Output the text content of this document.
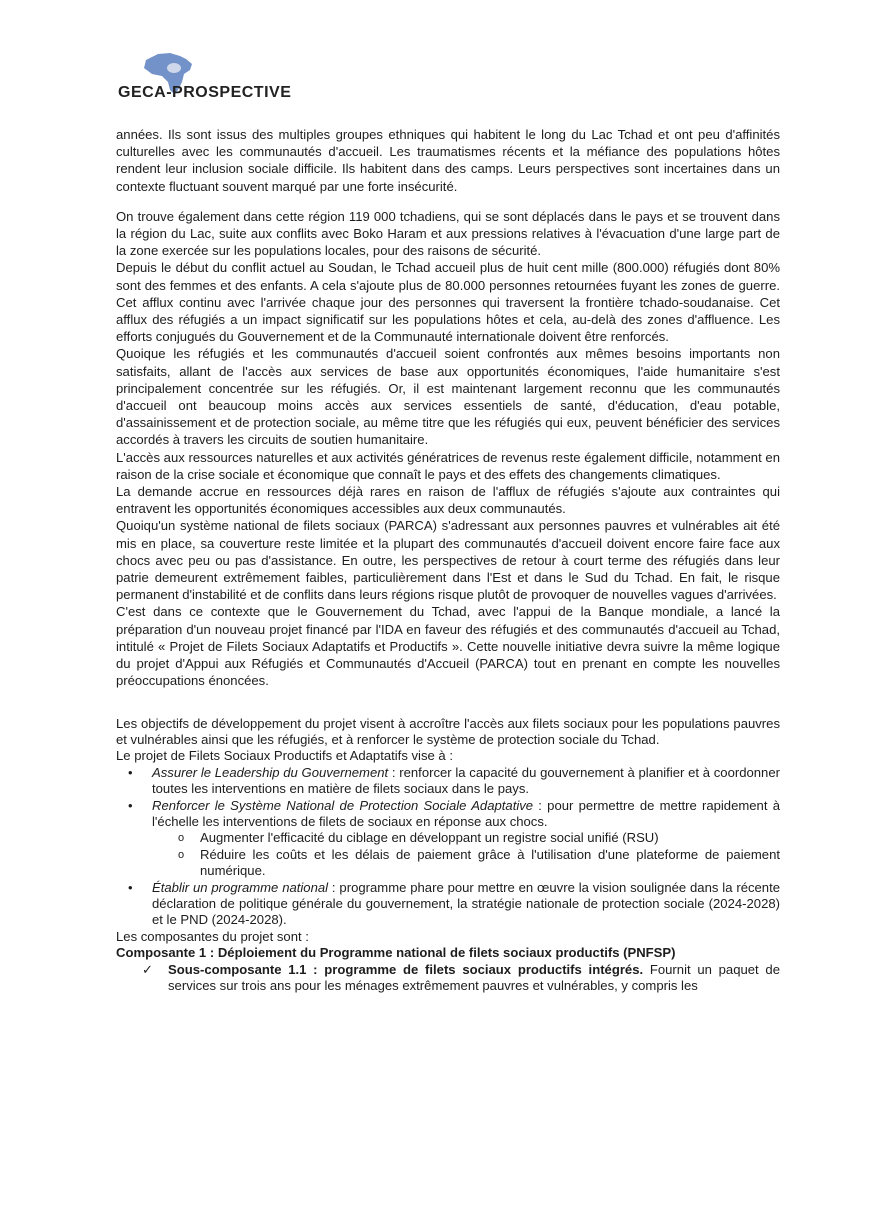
GECA-PROSPECTIVE

années. Ils sont issus des multiples groupes ethniques qui habitent le long du Lac Tchad et ont peu d'affinités culturelles avec les communautés d'accueil. Les traumatismes récents et la méfiance des populations hôtes rendent leur inclusion sociale difficile. Ils habitent dans des camps. Leurs perspectives sont incertaines dans un contexte fluctuant souvent marqué par une forte insécurité.

On trouve également dans cette région 119 000 tchadiens, qui se sont déplacés dans le pays et se trouvent dans la région du Lac, suite aux conflits avec Boko Haram et aux pressions relatives à l'évacuation d'une large part de la zone exercée sur les populations locales, pour des raisons de sécurité.

Depuis le début du conflit actuel au Soudan, le Tchad accueil plus de huit cent mille (800.000) réfugiés dont 80% sont des femmes et des enfants. A cela s'ajoute plus de 80.000 personnes retournées fuyant les zones de guerre. Cet afflux continu avec l'arrivée chaque jour des personnes qui traversent la frontière tchado-soudanaise. Cet afflux des réfugiés a un impact significatif sur les populations hôtes et cela, au-delà des zones d'affluence. Les efforts conjugués du Gouvernement et de la Communauté internationale doivent être renforcés.

Quoique les réfugiés et les communautés d'accueil soient confrontés aux mêmes besoins importants non satisfaits, allant de l'accès aux services de base aux opportunités économiques, l'aide humanitaire s'est principalement concentrée sur les réfugiés. Or, il est maintenant largement reconnu que les communautés d'accueil ont beaucoup moins accès aux services essentiels de santé, d'éducation, d'eau potable, d'assainissement et de protection sociale, au même titre que les réfugiés qui eux, peuvent bénéficier des services accordés à travers les circuits de soutien humanitaire.

L'accès aux ressources naturelles et aux activités génératrices de revenus reste également difficile, notamment en raison de la crise sociale et économique que connaît le pays et des effets des changements climatiques.

La demande accrue en ressources déjà rares en raison de l'afflux de réfugiés s'ajoute aux contraintes qui entravent les opportunités économiques accessibles aux deux communautés.

Quoiqu'un système national de filets sociaux (PARCA) s'adressant aux personnes pauvres et vulnérables ait été mis en place, sa couverture reste limitée et la plupart des communautés d'accueil doivent encore faire face aux chocs avec peu ou pas d'assistance. En outre, les perspectives de retour à court terme des réfugiés dans leur patrie demeurent extrêmement faibles, particulièrement dans l'Est et dans le Sud du Tchad. En fait, le risque permanent d'instabilité et de conflits dans leurs régions risque plutôt de provoquer de nouvelles vagues d'arrivées.

C'est dans ce contexte que le Gouvernement du Tchad, avec l'appui de la Banque mondiale, a lancé la préparation d'un nouveau projet financé par l'IDA en faveur des réfugiés et des communautés d'accueil au Tchad, intitulé « Projet de Filets Sociaux Adaptatifs et Productifs ». Cette nouvelle initiative devra suivre la même logique du projet d'Appui aux Réfugiés et Communautés d'Accueil (PARCA) tout en prenant en compte les nouvelles préoccupations énoncées.

Les objectifs de développement du projet visent à accroître l'accès aux filets sociaux pour les populations pauvres et vulnérables ainsi que les réfugiés, et à renforcer le système de protection sociale du Tchad.

Le projet de Filets Sociaux Productifs et Adaptatifs vise à :

• Assurer le Leadership du Gouvernement : renforcer la capacité du gouvernement à planifier et à coordonner toutes les interventions en matière de filets sociaux dans le pays.
• Renforcer le Système National de Protection Sociale Adaptative : pour permettre de mettre rapidement à l'échelle les interventions de filets de sociaux en réponse aux chocs.
o Augmenter l'efficacité du ciblage en développant un registre social unifié (RSU)
o Réduire les coûts et les délais de paiement grâce à l'utilisation d'une plateforme de paiement numérique.
• Établir un programme national : programme phare pour mettre en œuvre la vision soulignée dans la récente déclaration de politique générale du gouvernement, la stratégie nationale de protection sociale (2024-2028) et le PND (2024-2028).

Les composantes du projet sont :

Composante 1 : Déploiement du Programme national de filets sociaux productifs (PNFSP)

✓ Sous-composante 1.1 : programme de filets sociaux productifs intégrés. Fournit un paquet de services sur trois ans pour les ménages extrêmement pauvres et vulnérables, y compris les
